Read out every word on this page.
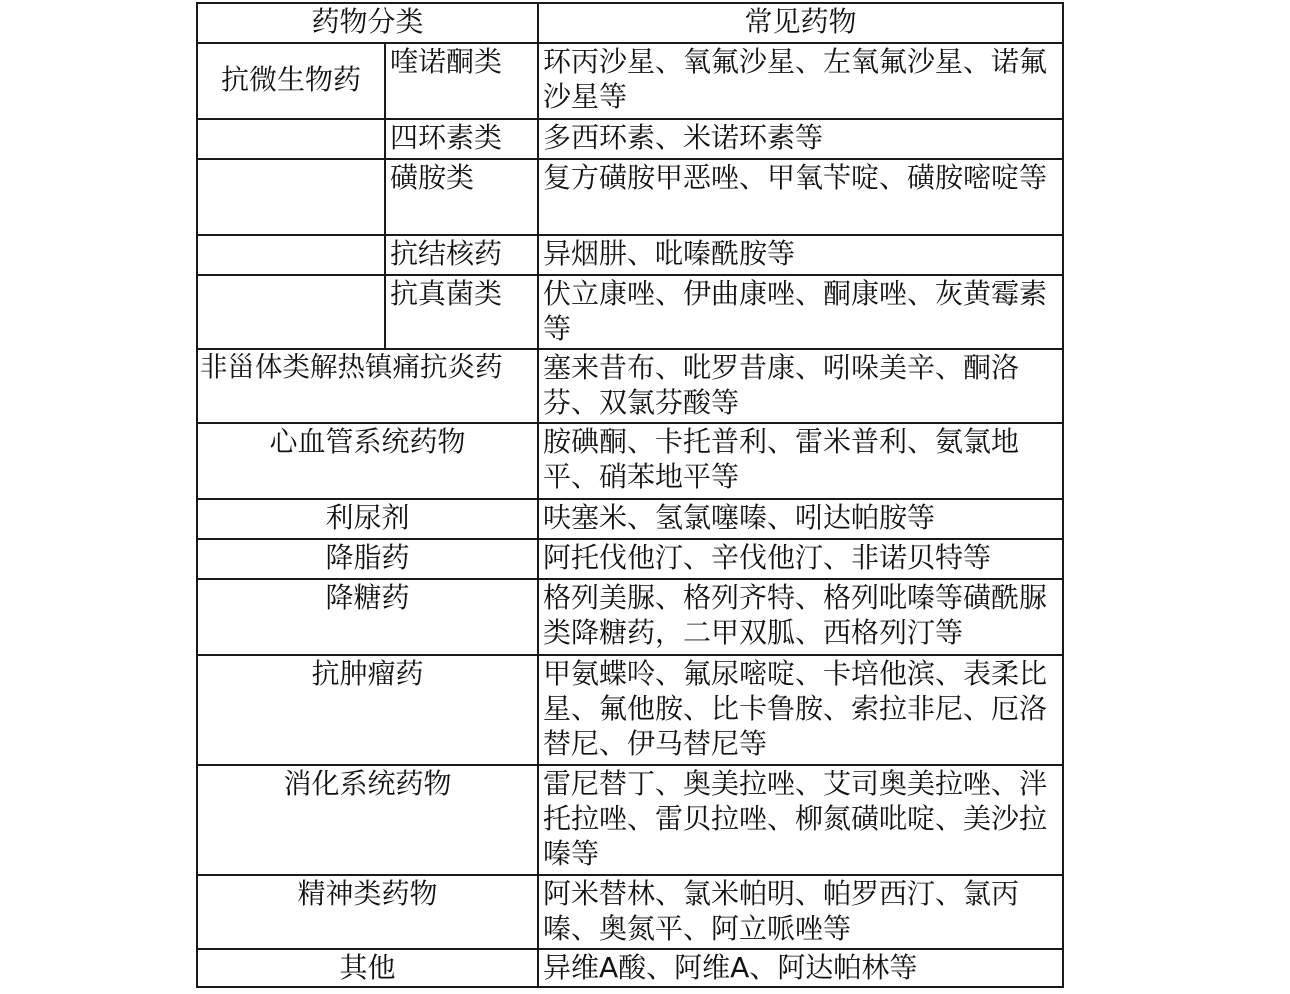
药物分类		常见药物

抗微生物药	喹诺酮类	环丙沙星、氧氟沙星、左氧氟沙星、诺氟沙星等
	四环素类	多西环素、米诺环素等
	磺胺类	复方磺胺甲恶唑、甲氧苄啶、磺胺嘧啶等
	抗结核药	异烟肼、吡嗪酰胺等
	抗真菌类	伏立康唑、伊曲康唑、酮康唑、灰黄霉素等
非甾体类解热镇痛抗炎药		塞来昔布、吡罗昔康、吲哚美辛、酮洛芬、双氯芬酸等
心血管系统药物		胺碘酮、卡托普利、雷米普利、氨氯地平、硝苯地平等
利尿剂		呋塞米、氢氯噻嗪、吲达帕胺等
降脂药		阿托伐他汀、辛伐他汀、非诺贝特等
降糖药		格列美脲、格列齐特、格列吡嗪等磺酰脲类降糖药，二甲双胍、西格列汀等
抗肿瘤药		甲氨蝶呤、氟尿嘧啶、卡培他滨、表柔比星、氟他胺、比卡鲁胺、索拉非尼、厄洛替尼、伊马替尼等
消化系统药物		雷尼替丁、奥美拉唑、艾司奥美拉唑、泮托拉唑、雷贝拉唑、柳氮磺吡啶、美沙拉嗪等
精神类药物		阿米替林、氯米帕明、帕罗西汀、氯丙嗪、奥氮平、阿立哌唑等
其他		异维A酸、阿维A、阿达帕林等
